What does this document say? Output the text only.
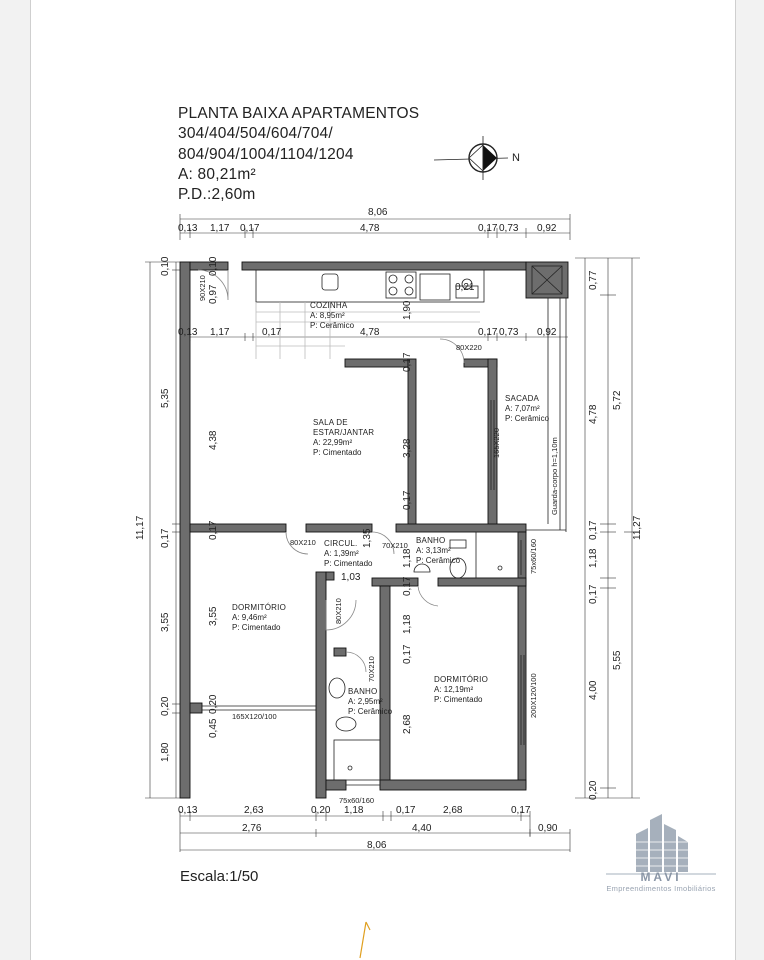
PLANTA BAIXA APARTAMENTOS
304/404/504/604/704/
804/904/1004/1104/1204
A: 80,21m²
P.D.:2,60m
N
8,06
0,13 1,17 0,17	4,78	0,17 0,73 0,92
0,13 1,17	0,17	4,78	0,17 0,73 0,92
11,17
0,10
5,35
0,17
3,55
0,20
1,80
0,10
0,97
1,90
0,17
3,28
0,17
4,38
0,17
3,55
0,20
0,45
1,35
1,03
1,18
0,17
1,18
0,17
2,68
0,21
11,27
0,77
5,72
4,78
0,17
1,18
0,17
4,00
5,55
0,20
0,13	2,63	0,20 1,18	0,17	2,68	0,17
2,76	4,40	0,90
8,06
COZINHA
A: 8,95m²
P: Cerâmico
SALA DE
ESTAR/JANTAR
A: 22,99m²
P: Cimentado
SACADA
A: 7,07m²
P: Cerâmico
Guarda-corpo h=1,10m
CIRCUL.
A: 1,39m²
P: Cimentado
BANHO
A: 3,13m²
P: Cerâmico
DORMITÓRIO
A: 9,46m²
P: Cimentado
BANHO
A: 2,95m²
P: Cerâmico
DORMITÓRIO
A: 12,19m²
P: Cimentado
90X210
80X220
80X210	70X210
80X210
70X210
165X220
75x60/160
165X120/100	200X120/100
75x60/160
Escala:1/50	MAVI
Empreendimentos Imobiliários
